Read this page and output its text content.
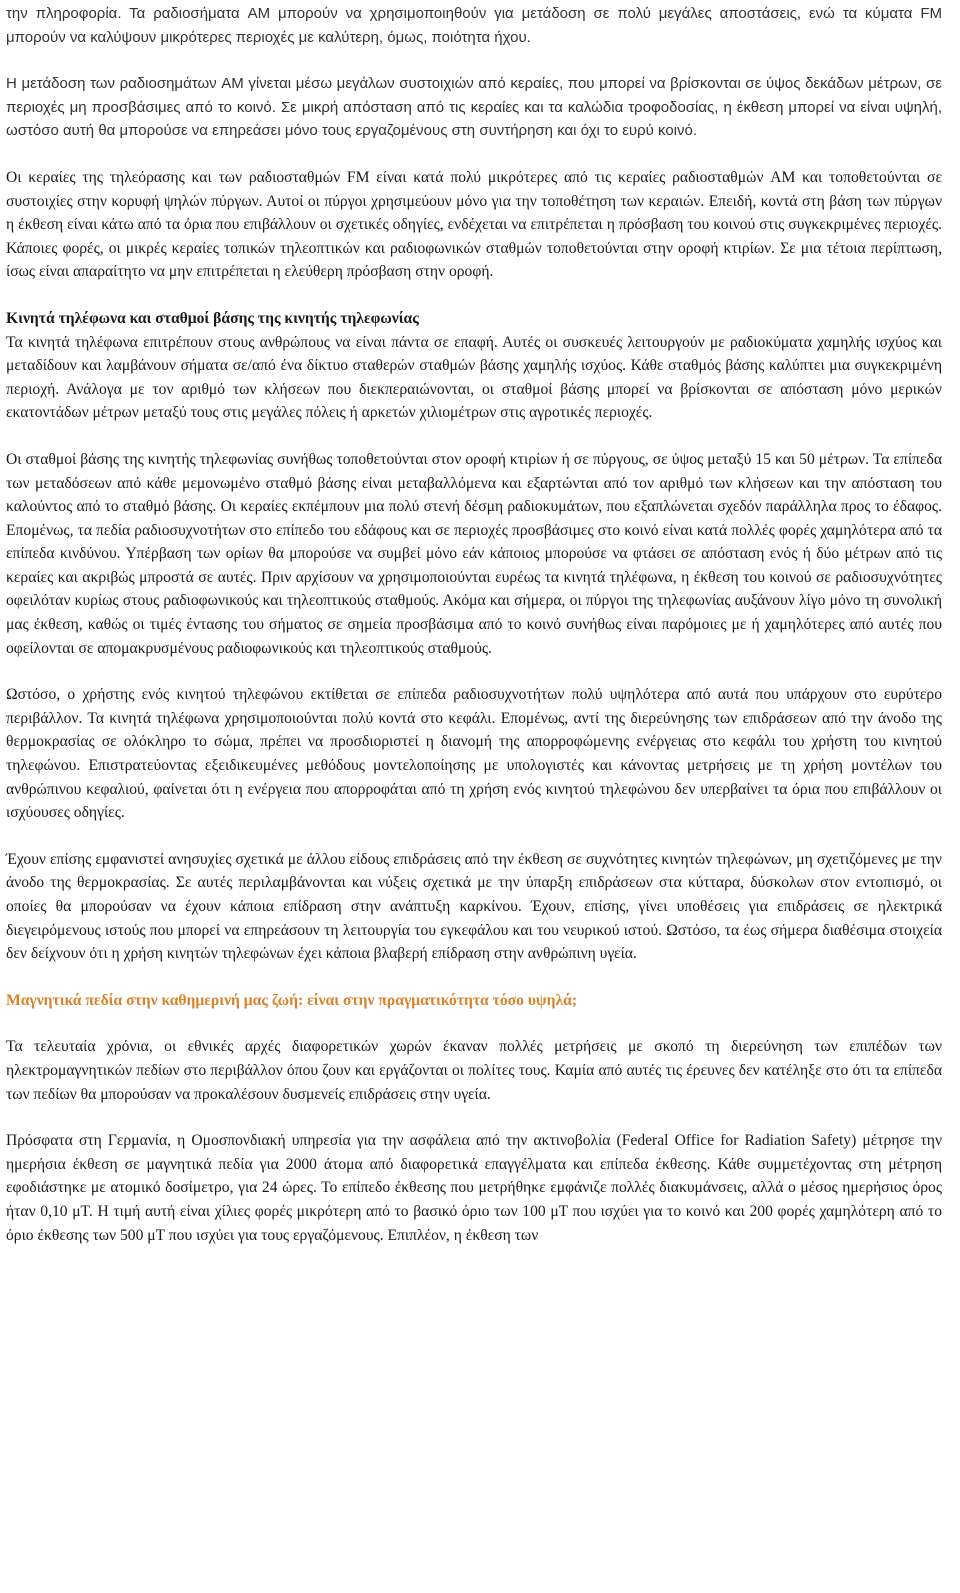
την πληροφορία. Τα ραδιοσήματα AM μπορούν να χρησιμοποιηθούν για μετάδοση σε πολύ μεγάλες αποστάσεις, ενώ τα κύματα FM μπορούν να καλύψουν μικρότερες περιοχές με καλύτερη, όμως, ποιότητα ήχου.

Η μετάδοση των ραδιοσημάτων AM γίνεται μέσω μεγάλων συστοιχιών από κεραίες, που μπορεί να βρίσκονται σε ύψος δεκάδων μέτρων, σε περιοχές μη προσβάσιμες από το κοινό. Σε μικρή απόσταση από τις κεραίες και τα καλώδια τροφοδοσίας, η έκθεση μπορεί να είναι υψηλή, ωστόσο αυτή θα μπορούσε να επηρεάσει μόνο τους εργαζομένους στη συντήρηση και όχι το ευρύ κοινό.

Οι κεραίες της τηλεόρασης και των ραδιοσταθμών FM είναι κατά πολύ μικρότερες από τις κεραίες ραδιοσταθμών AM και τοποθετούνται σε συστοιχίες στην κορυφή ψηλών πύργων. Αυτοί οι πύργοι χρησιμεύουν μόνο για την τοποθέτηση των κεραιών. Επειδή, κοντά στη βάση των πύργων η έκθεση είναι κάτω από τα όρια που επιβάλλουν οι σχετικές οδηγίες, ενδέχεται να επιτρέπεται η πρόσβαση του κοινού στις συγκεκριμένες περιοχές. Κάποιες φορές, οι μικρές κεραίες τοπικών τηλεοπτικών και ραδιοφωνικών σταθμών τοποθετούνται στην οροφή κτιρίων. Σε μια τέτοια περίπτωση, ίσως είναι απαραίτητο να μην επιτρέπεται η ελεύθερη πρόσβαση στην οροφή.

Κινητά τηλέφωνα και σταθμοί βάσης της κινητής τηλεφωνίας
Τα κινητά τηλέφωνα επιτρέπουν στους ανθρώπους να είναι πάντα σε επαφή. Αυτές οι συσκευές λειτουργούν με ραδιοκύματα χαμηλής ισχύος και μεταδίδουν και λαμβάνουν σήματα σε/από ένα δίκτυο σταθερών σταθμών βάσης χαμηλής ισχύος. Κάθε σταθμός βάσης καλύπτει μια συγκεκριμένη περιοχή. Ανάλογα με τον αριθμό των κλήσεων που διεκπεραιώνονται, οι σταθμοί βάσης μπορεί να βρίσκονται σε απόσταση μόνο μερικών εκατοντάδων μέτρων μεταξύ τους στις μεγάλες πόλεις ή αρκετών χιλιομέτρων στις αγροτικές περιοχές.

Οι σταθμοί βάσης της κινητής τηλεφωνίας συνήθως τοποθετούνται στον οροφή κτιρίων ή σε πύργους, σε ύψος μεταξύ 15 και 50 μέτρων. Τα επίπεδα των μεταδόσεων από κάθε μεμονωμένο σταθμό βάσης είναι μεταβαλλόμενα και εξαρτώνται από τον αριθμό των κλήσεων και την απόσταση του καλούντος από το σταθμό βάσης. Οι κεραίες εκπέμπουν μια πολύ στενή δέσμη ραδιοκυμάτων, που εξαπλώνεται σχεδόν παράλληλα προς το έδαφος. Επομένως, τα πεδία ραδιοσυχνοτήτων στο επίπεδο του εδάφους και σε περιοχές προσβάσιμες στο κοινό είναι κατά πολλές φορές χαμηλότερα από τα επίπεδα κινδύνου. Υπέρβαση των ορίων θα μπορούσε να συμβεί μόνο εάν κάποιος μπορούσε να φτάσει σε απόσταση ενός ή δύο μέτρων από τις κεραίες και ακριβώς μπροστά σε αυτές. Πριν αρχίσουν να χρησιμοποιούνται ευρέως τα κινητά τηλέφωνα, η έκθεση του κοινού σε ραδιοσυχνότητες οφειλόταν κυρίως στους ραδιοφωνικούς και τηλεοπτικούς σταθμούς. Ακόμα και σήμερα, οι πύργοι της τηλεφωνίας αυξάνουν λίγο μόνο τη συνολική μας έκθεση, καθώς οι τιμές έντασης του σήματος σε σημεία προσβάσιμα από το κοινό συνήθως είναι παρόμοιες με ή χαμηλότερες από αυτές που οφείλονται σε απομακρυσμένους ραδιοφωνικούς και τηλεοπτικούς σταθμούς.

Ωστόσο, ο χρήστης ενός κινητού τηλεφώνου εκτίθεται σε επίπεδα ραδιοσυχνοτήτων πολύ υψηλότερα από αυτά που υπάρχουν στο ευρύτερο περιβάλλον. Τα κινητά τηλέφωνα χρησιμοποιούνται πολύ κοντά στο κεφάλι. Επομένως, αντί της διερεύνησης των επιδράσεων από την άνοδο της θερμοκρασίας σε ολόκληρο το σώμα, πρέπει να προσδιοριστεί η διανομή της απορροφώμενης ενέργειας στο κεφάλι του χρήστη του κινητού τηλεφώνου. Επιστρατεύοντας εξειδικευμένες μεθόδους μοντελοποίησης με υπολογιστές και κάνοντας μετρήσεις με τη χρήση μοντέλων του ανθρώπινου κεφαλιού, φαίνεται ότι η ενέργεια που απορροφάται από τη χρήση ενός κινητού τηλεφώνου δεν υπερβαίνει τα όρια που επιβάλλουν οι ισχύουσες οδηγίες.

Έχουν επίσης εμφανιστεί ανησυχίες σχετικά με άλλου είδους επιδράσεις από την έκθεση σε συχνότητες κινητών τηλεφώνων, μη σχετιζόμενες με την άνοδο της θερμοκρασίας. Σε αυτές περιλαμβάνονται και νύξεις σχετικά με την ύπαρξη επιδράσεων στα κύτταρα, δύσκολων στον εντοπισμό, οι οποίες θα μπορούσαν να έχουν κάποια επίδραση στην ανάπτυξη καρκίνου. Έχουν, επίσης, γίνει υποθέσεις για επιδράσεις σε ηλεκτρικά διεγειρόμενους ιστούς που μπορεί να επηρεάσουν τη λειτουργία του εγκεφάλου και του νευρικού ιστού. Ωστόσο, τα έως σήμερα διαθέσιμα στοιχεία δεν δείχνουν ότι η χρήση κινητών τηλεφώνων έχει κάποια βλαβερή επίδραση στην ανθρώπινη υγεία.

Μαγνητικά πεδία στην καθημερινή μας ζωή: είναι στην πραγματικότητα τόσο υψηλά;

Τα τελευταία χρόνια, οι εθνικές αρχές διαφορετικών χωρών έκαναν πολλές μετρήσεις με σκοπό τη διερεύνηση των επιπέδων των ηλεκτρομαγνητικών πεδίων στο περιβάλλον όπου ζουν και εργάζονται οι πολίτες τους. Καμία από αυτές τις έρευνες δεν κατέληξε στο ότι τα επίπεδα των πεδίων θα μπορούσαν να προκαλέσουν δυσμενείς επιδράσεις στην υγεία.

Πρόσφατα στη Γερμανία, η Ομοσπονδιακή υπηρεσία για την ασφάλεια από την ακτινοβολία (Federal Office for Radiation Safety) μέτρησε την ημερήσια έκθεση σε μαγνητικά πεδία για 2000 άτομα από διαφορετικά επαγγέλματα και επίπεδα έκθεσης. Κάθε συμμετέχοντας στη μέτρηση εφοδιάστηκε με ατομικό δοσίμετρο, για 24 ώρες. Το επίπεδο έκθεσης που μετρήθηκε εμφάνιζε πολλές διακυμάνσεις, αλλά ο μέσος ημερήσιος όρος ήταν 0,10 μT. Η τιμή αυτή είναι χίλιες φορές μικρότερη από το βασικό όριο των 100 μT που ισχύει για το κοινό και 200 φορές χαμηλότερη από το όριο έκθεσης των 500 μT που ισχύει για τους εργαζόμενους. Επιπλέον, η έκθεση των
